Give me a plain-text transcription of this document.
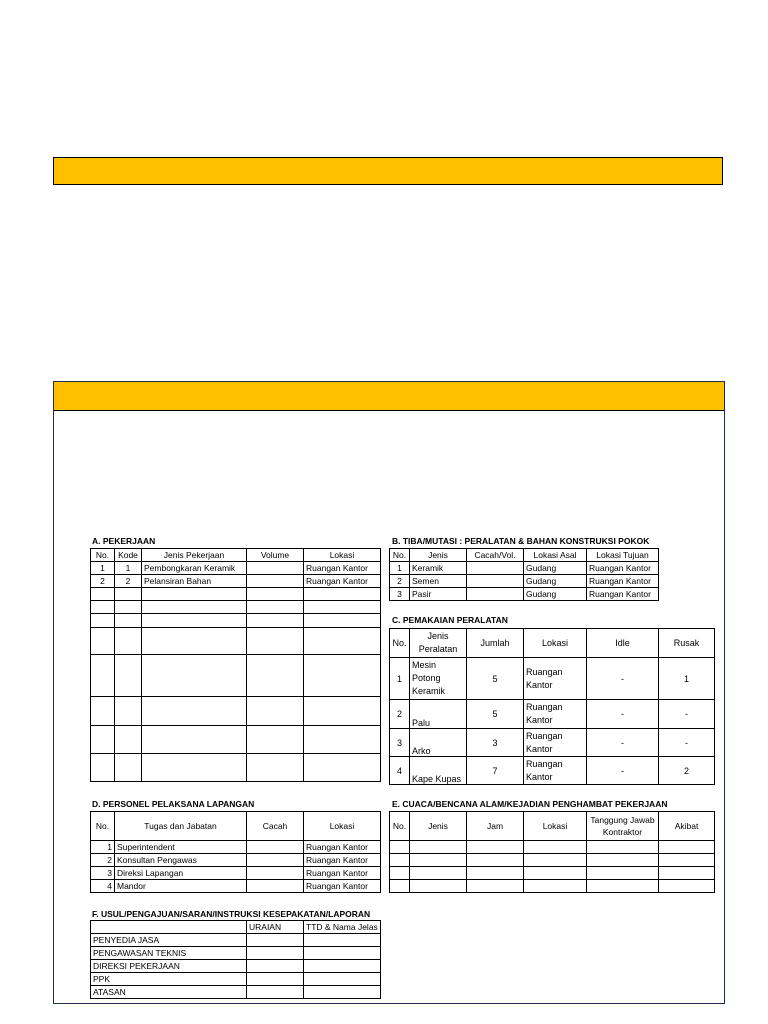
A. PEKERJAAN
No.	Kode	Jenis Pekerjaan	Volume	Lokasi
1	1	Pembongkaran Keramik		Ruangan Kantor
2	2	Pelansiran Bahan		Ruangan Kantor

B. TIBA/MUTASI : PERALATAN & BAHAN KONSTRUKSI POKOK
No.	Jenis	Cacah/Vol.	Lokasi Asal	Lokasi Tujuan
1	Keramik		Gudang	Ruangan Kantor
2	Semen		Gudang	Ruangan Kantor
3	Pasir		Gudang	Ruangan Kantor
C. PEMAKAIAN PERALATAN
No.	Jenis Peralatan	Jumlah	Lokasi	Idle	Rusak
1	Mesin Potong Keramik	5	Ruangan Kantor	-	1
2	Palu	5	Ruangan Kantor	-	-
3	Arko	3	Ruangan Kantor	-	-
4	Kape Kupas	7	Ruangan Kantor	-	2
D. PERSONEL PELAKSANA LAPANGAN
No.	Tugas dan Jabatan	Cacah	Lokasi
1	Superintendent		Ruangan Kantor
2	Konsultan Pengawas		Ruangan Kantor
3	Direksi Lapangan		Ruangan Kantor
4	Mandor		Ruangan Kantor
E. CUACA/BENCANA ALAM/KEJADIAN PENGHAMBAT PEKERJAAN
No.	Jenis	Jam	Lokasi	Tanggung Jawab Kontraktor	Akibat

F. USUL/PENGAJUAN/SARAN/INSTRUKSI KESEPAKATAN/LAPORAN
	URAIAN	TTD & Nama Jelas
PENYEDIA JASA		
PENGAWASAN TEKNIS		
DIREKSI PEKERJAAN		
PPK		
ATASAN		
